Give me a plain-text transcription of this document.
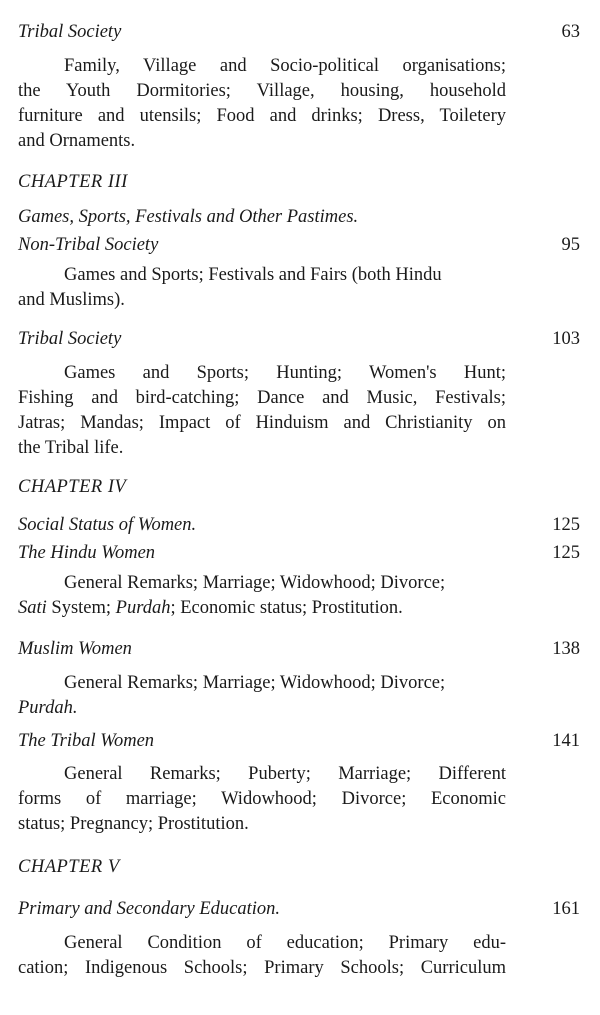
Tribal Society	63
Family, Village and Socio-political organisations;
the Youth Dormitories; Village, housing, household
furniture and utensils; Food and drinks; Dress, Toiletery
and Ornaments.
CHAPTER III
Games, Sports, Festivals and Other Pastimes.
Non-Tribal Society	95
Games and Sports; Festivals and Fairs (both Hindu
and Muslims).
Tribal Society	103
Games and Sports; Hunting; Women's Hunt;
Fishing and bird-catching; Dance and Music, Festivals;
Jatras; Mandas; Impact of Hinduism and Christianity on
the Tribal life.
CHAPTER IV
Social Status of Women.	125
The Hindu Women	125
General Remarks; Marriage; Widowhood; Divorce;
Sati System; Purdah; Economic status; Prostitution.
Muslim Women	138
General Remarks; Marriage; Widowhood; Divorce;
Purdah.
The Tribal Women	141
General Remarks; Puberty; Marriage; Different
forms of marriage; Widowhood; Divorce; Economic
status; Pregnancy; Prostitution.
CHAPTER V
Primary and Secondary Education.	161
General Condition of education; Primary edu-
cation; Indigenous Schools; Primary Schools; Curriculum
